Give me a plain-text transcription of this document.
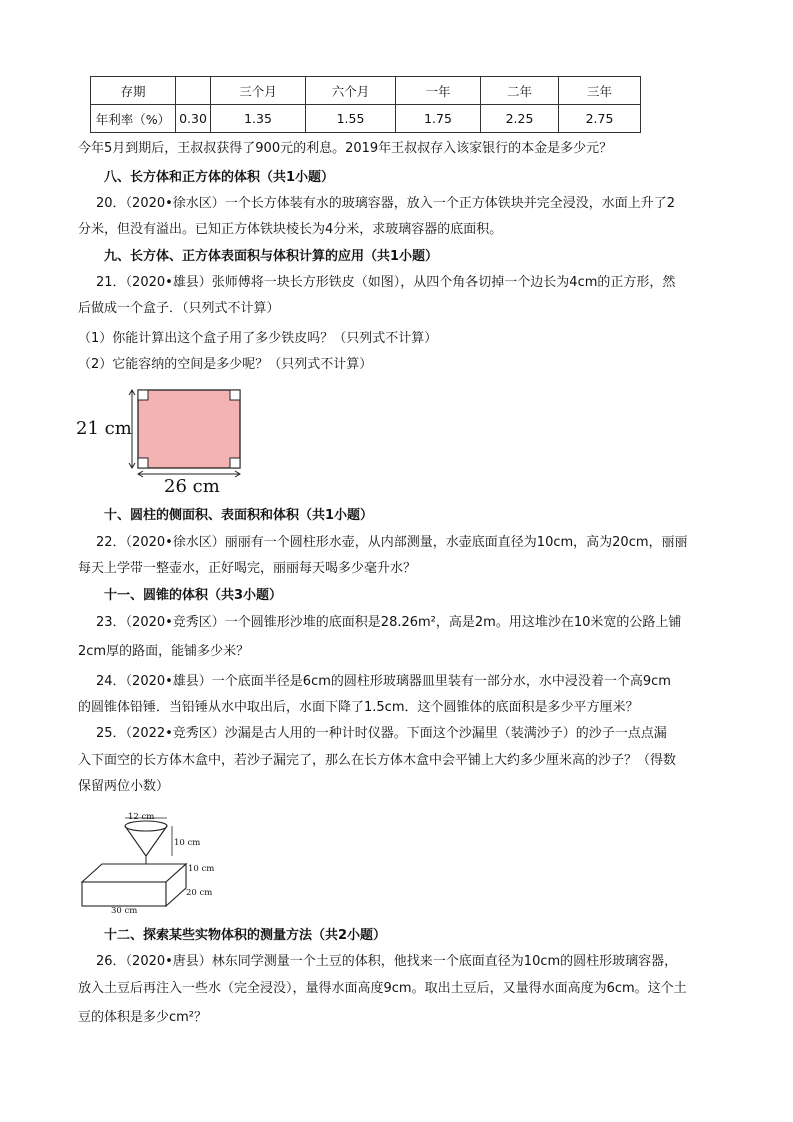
存期		三个月	六个月	一年	二年	三年
年利率（%）	0.30	1.35	1.55	1.75	2.25	2.75
今年5月到期后，王叔叔获得了900元的利息。2019年王叔叔存入该家银行的本金是多少元？
八、长方体和正方体的体积（共1小题）
20．（2020•徐水区）一个长方体装有水的玻璃容器，放入一个正方体铁块并完全浸没，水面上升了2
分米，但没有溢出。已知正方体铁块棱长为4分米，求玻璃容器的底面积。
九、长方体、正方体表面积与体积计算的应用（共1小题）
21．（2020•雄县）张师傅将一块长方形铁皮（如图），从四个角各切掉一个边长为4cm的正方形，然
后做成一个盒子．（只列式不计算）
（1）你能计算出这个盒子用了多少铁皮吗？（只列式不计算）
（2）它能容纳的空间是多少呢？（只列式不计算）
21 cm
26 cm
十、圆柱的侧面积、表面积和体积（共1小题）
22．（2020•徐水区）丽丽有一个圆柱形水壶，从内部测量，水壶底面直径为10cm，高为20cm，丽丽
每天上学带一整壶水，正好喝完，丽丽每天喝多少毫升水？
十一、圆锥的体积（共3小题）
23．（2020•竞秀区）一个圆锥形沙堆的底面积是28.26m²，高是2m。用这堆沙在10米宽的公路上铺
2cm厚的路面，能铺多少米？
24．（2020•雄县）一个底面半径是6cm的圆柱形玻璃器皿里装有一部分水，水中浸没着一个高9cm
的圆锥体铅锤．当铅锤从水中取出后，水面下降了1.5cm．这个圆锥体的底面积是多少平方厘米？
25．（2022•竞秀区）沙漏是古人用的一种计时仪器。下面这个沙漏里（装满沙子）的沙子一点点漏
入下面空的长方体木盒中，若沙子漏完了，那么在长方体木盒中会平铺上大约多少厘米高的沙子？（得数
保留两位小数）
12 cm
10 cm
10 cm
20 cm
30 cm
十二、探索某些实物体积的测量方法（共2小题）
26．（2020•唐县）林东同学测量一个土豆的体积，他找来一个底面直径为10cm的圆柱形玻璃容器，
放入土豆后再注入一些水（完全浸没），量得水面高度9cm。取出土豆后，又量得水面高度为6cm。这个土
豆的体积是多少cm²？
